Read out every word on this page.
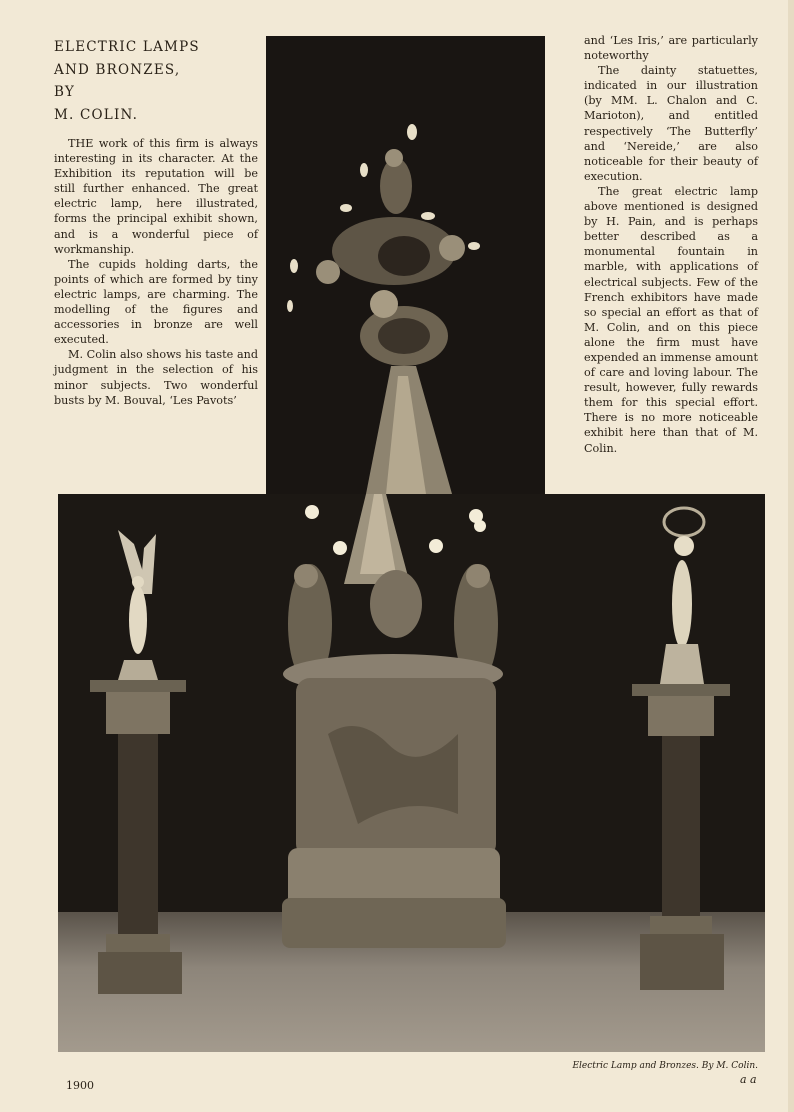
ELECTRIC LAMPS
AND BRONZES,
BY
M. COLIN.

THE work of this firm is always interesting in its character. At the Exhibition its reputation will be still further enhanced. The great electric lamp, here illustrated, forms the principal exhibit shown, and is a wonderful piece of workmanship.

The cupids holding darts, the points of which are formed by tiny electric lamps, are charming. The modelling of the figures and accessories in bronze are well executed.

M. Colin also shows his taste and judgment in the selection of his minor subjects. Two wonderful busts by M. Bouval, ‘Les Pavots’

and ‘Les Iris,’ are particularly noteworthy

The dainty statuettes, indicated in our illustration (by MM. L. Chalon and C. Marioton), and entitled respectively ‘The Butterfly’ and ‘Nereide,’ are also noticeable for their beauty of execution.

The great electric lamp above mentioned is designed by H. Pain, and is perhaps better described as a monumental fountain in marble, with applications of electrical subjects. Few of the French exhibitors have made so special an effort as that of M. Colin, and on this piece alone the firm must have expended an immense amount of care and loving labour. The result, however, fully rewards them for this special effort. There is no more noticeable exhibit here than that of M. Colin.

Electric Lamp and Bronzes. By M. Colin.
1900	a a
